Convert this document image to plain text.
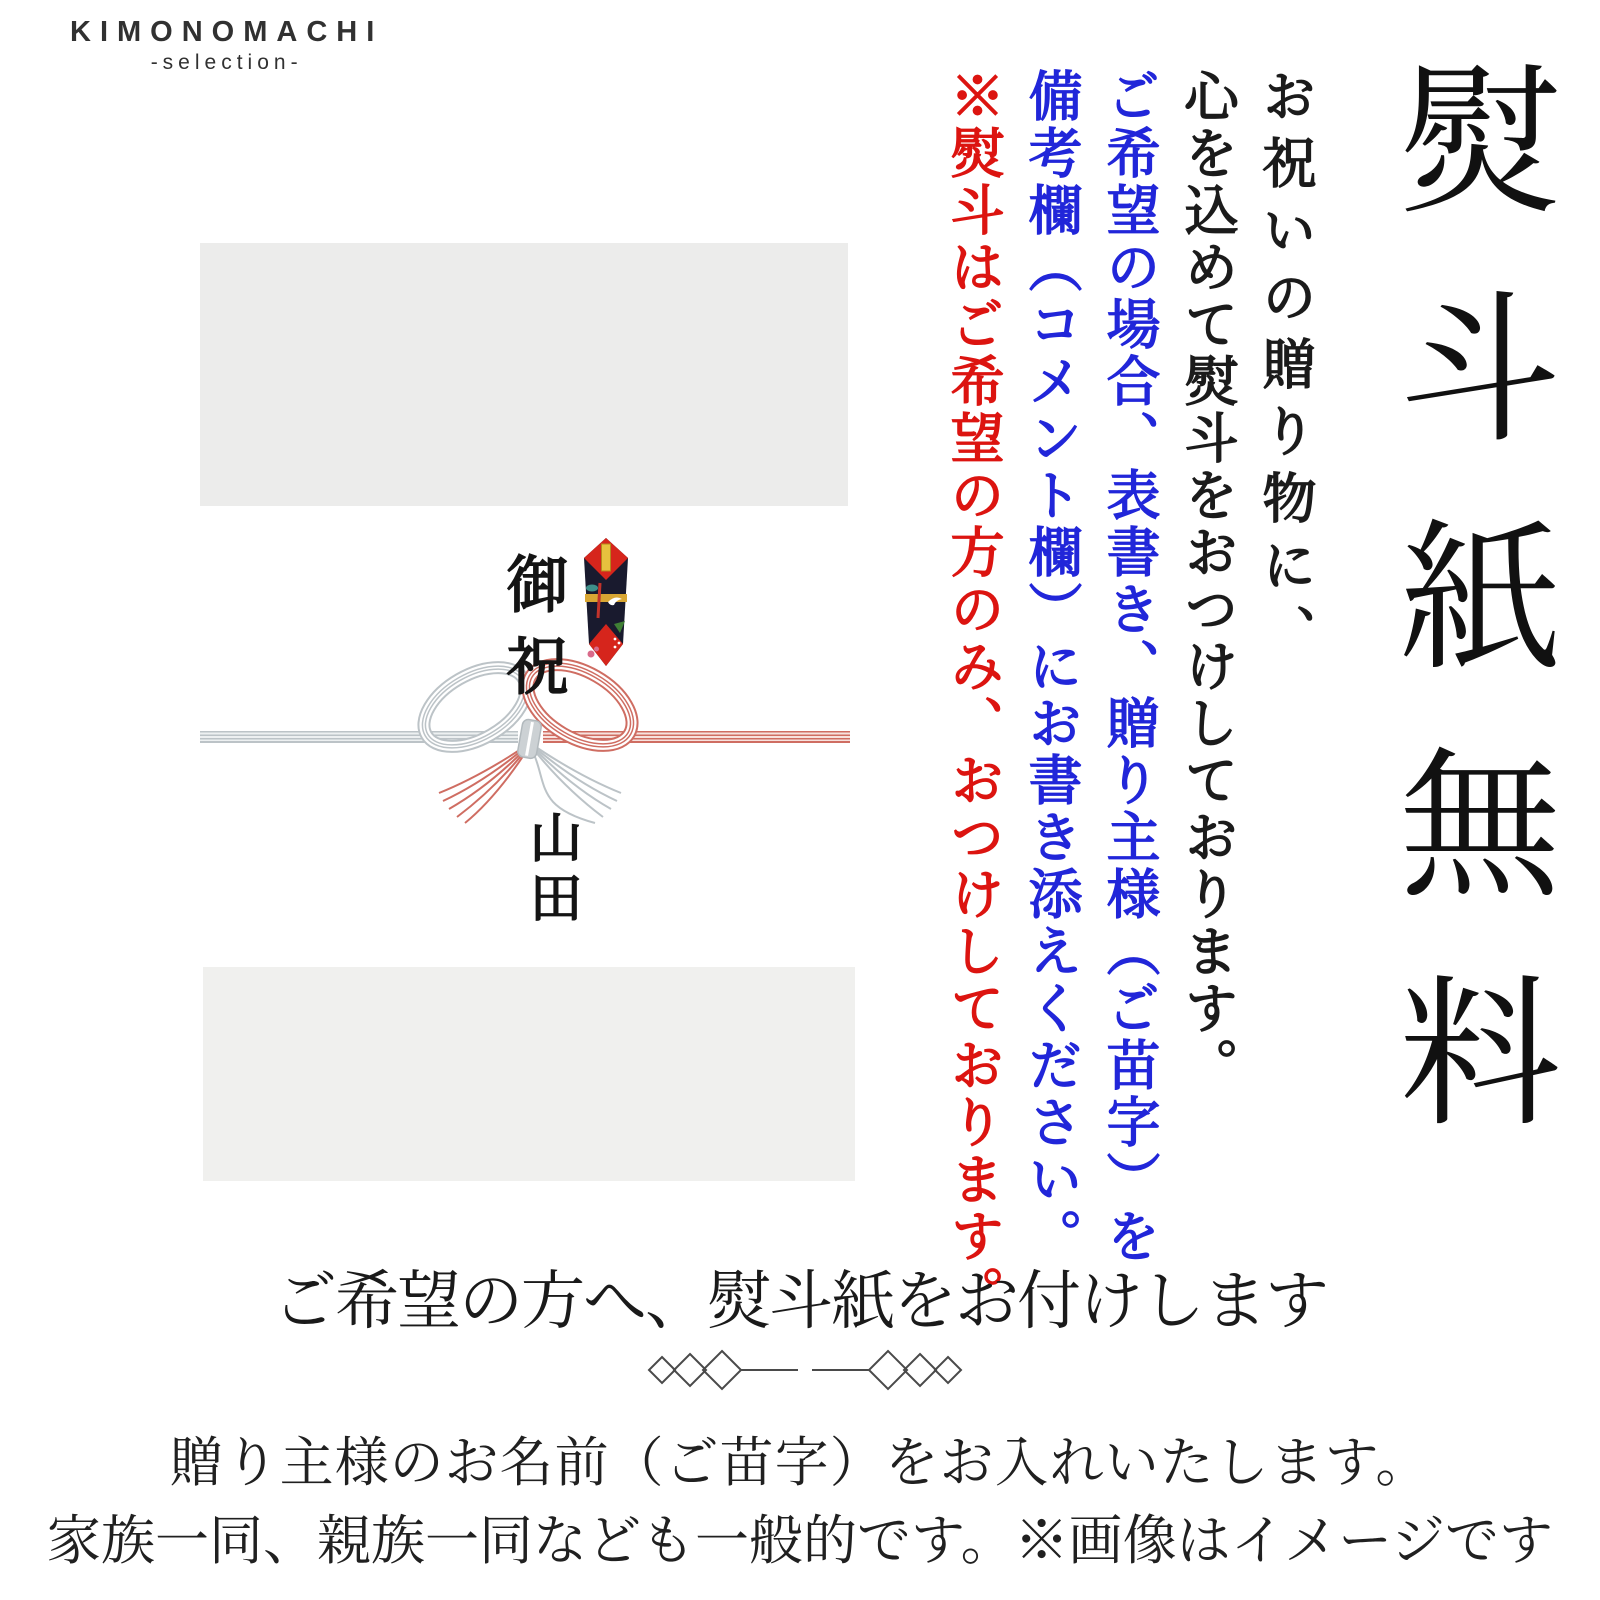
KIMONOMACHI
-selection-
御祝
山田	熨斗紙無料

お祝いの贈り物に、

心を込めて熨斗をおつけしております。

ご希望の場合、表書き、贈り主様（ご苗字）を

備考欄（コメント欄）にお書き添えください。

※熨斗はご希望の方のみ、おつけしております。

ご希望の方へ、熨斗紙をお付けします
贈り主様のお名前（ご苗字）をお入れいたします。
家族一同、親族一同なども一般的です。※画像はイメージです
